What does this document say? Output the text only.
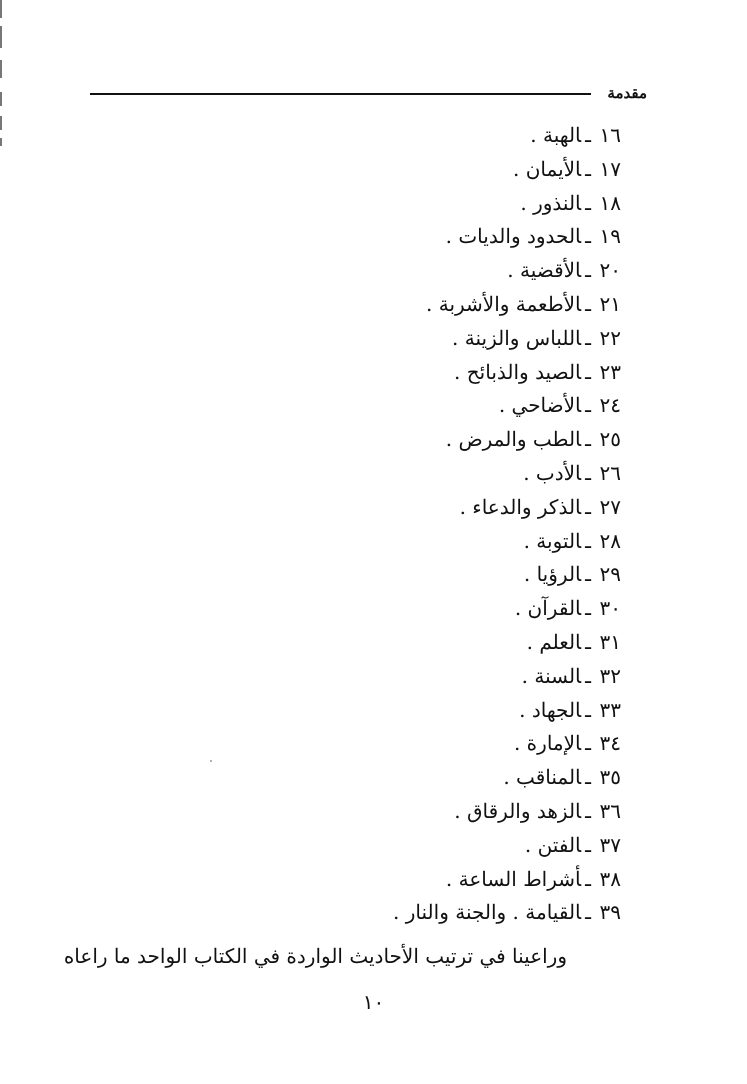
مقدمة
١٦ـالهبة .
١٧ـالأيمان .
١٨ـالنذور .
١٩ـالحدود والديات .
٢٠ـالأقضية .
٢١ـالأطعمة والأشربة .
٢٢ـاللباس والزينة .
٢٣ـالصيد والذبائح .
٢٤ـالأضاحي .
٢٥ـالطب والمرض .
٢٦ـالأدب .
٢٧ـالذكر والدعاء .
٢٨ـالتوبة .
٢٩ـالرؤيا .
٣٠ـالقرآن .
٣١ـالعلم .
٣٢ـالسنة .
٣٣ـالجهاد .
٣٤ـالإمارة .
٣٥ـالمناقب .
٣٦ـالزهد والرقاق .
٣٧ـالفتن .
٣٨ـأشراط الساعة .
٣٩ـالقيامة . والجنة والنار .
وراعينا في ترتيب الأحاديث الواردة في الكتاب الواحد ما راعاه
١٠
